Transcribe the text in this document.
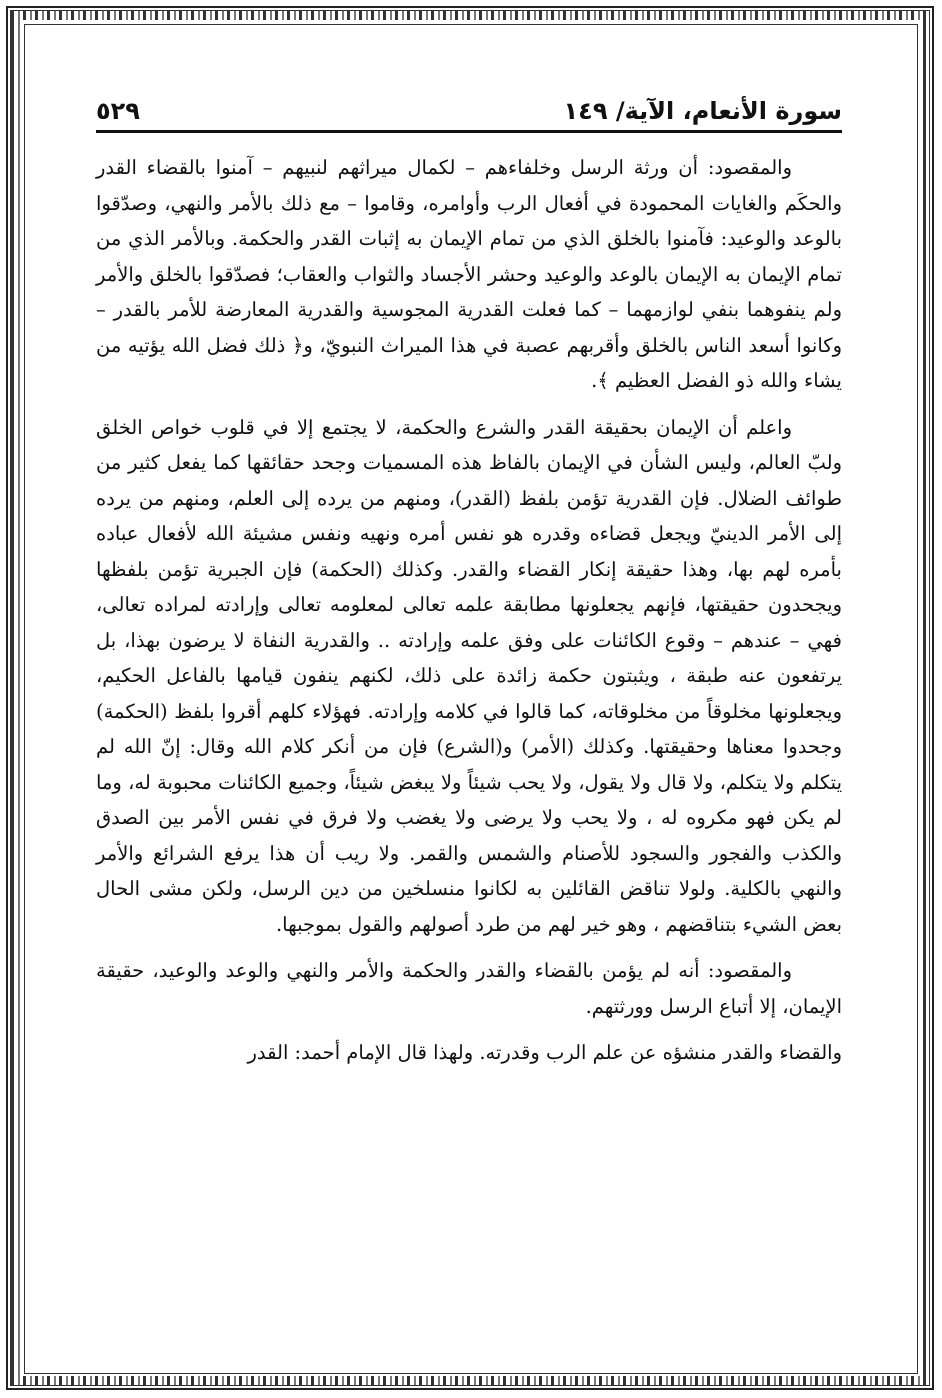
سورة الأنعام، الآية/ ١٤٩
٥٢٩

والمقصود: أن ورثة الرسل وخلفاءهم – لكمال ميراثهم لنبيهم – آمنوا بالقضاء القدر والحكَم والغايات المحمودة في أفعال الرب وأوامره، وقاموا – مع ذلك بالأمر والنهي، وصدّقوا بالوعد والوعيد: فآمنوا بالخلق الذي من تمام الإيمان به إثبات القدر والحكمة. وبالأمر الذي من تمام الإيمان به الإيمان بالوعد والوعيد وحشر الأجساد والثواب والعقاب؛ فصدّقوا بالخلق والأمر ولم ينفوهما بنفي لوازمهما – كما فعلت القدرية المجوسية والقدرية المعارضة للأمر بالقدر – وكانوا أسعد الناس بالخلق وأقربهم عصبة في هذا الميراث النبويّ، و﴿ ذلك فضل الله يؤتيه من يشاء والله ذو الفضل العظيم ﴾.

واعلم أن الإيمان بحقيقة القدر والشرع والحكمة، لا يجتمع إلا في قلوب خواص الخلق ولبّ العالم، وليس الشأن في الإيمان بالفاظ هذه المسميات وجحد حقائقها كما يفعل كثير من طوائف الضلال. فإن القدرية تؤمن بلفظ (القدر)، ومنهم من يرده إلى العلم، ومنهم من يرده إلى الأمر الدينيّ ويجعل قضاءه وقدره هو نفس أمره ونهيه ونفس مشيئة الله لأفعال عباده بأمره لهم بها، وهذا حقيقة إنكار القضاء والقدر. وكذلك (الحكمة) فإن الجبرية تؤمن بلفظها ويجحدون حقيقتها، فإنهم يجعلونها مطابقة علمه تعالى لمعلومه تعالى وإرادته لمراده تعالى، فهي – عندهم – وقوع الكائنات على وفق علمه وإرادته .. والقدرية النفاة لا يرضون بهذا، بل يرتفعون عنه طبقة ، ويثبتون حكمة زائدة على ذلك، لكنهم ينفون قيامها بالفاعل الحكيم، ويجعلونها مخلوقاً من مخلوقاته، كما قالوا في كلامه وإرادته. فهؤلاء كلهم أقروا بلفظ (الحكمة) وجحدوا معناها وحقيقتها. وكذلك (الأمر) و(الشرع) فإن من أنكر كلام الله وقال: إنّ الله لم يتكلم ولا يتكلم، ولا قال ولا يقول، ولا يحب شيئاً ولا يبغض شيئاً، وجميع الكائنات محبوبة له، وما لم يكن فهو مكروه له ، ولا يحب ولا يرضى ولا يغضب ولا فرق في نفس الأمر بين الصدق والكذب والفجور والسجود للأصنام والشمس والقمر. ولا ريب أن هذا يرفع الشرائع والأمر والنهي بالكلية. ولولا تناقض القائلين به لكانوا منسلخين من دين الرسل، ولكن مشى الحال بعض الشيء بتناقضهم ، وهو خير لهم من طرد أصولهم والقول بموجبها.

والمقصود: أنه لم يؤمن بالقضاء والقدر والحكمة والأمر والنهي والوعد والوعيد، حقيقة الإيمان، إلا أتباع الرسل وورثتهم.

والقضاء والقدر منشؤه عن علم الرب وقدرته. ولهذا قال الإمام أحمد: القدر
